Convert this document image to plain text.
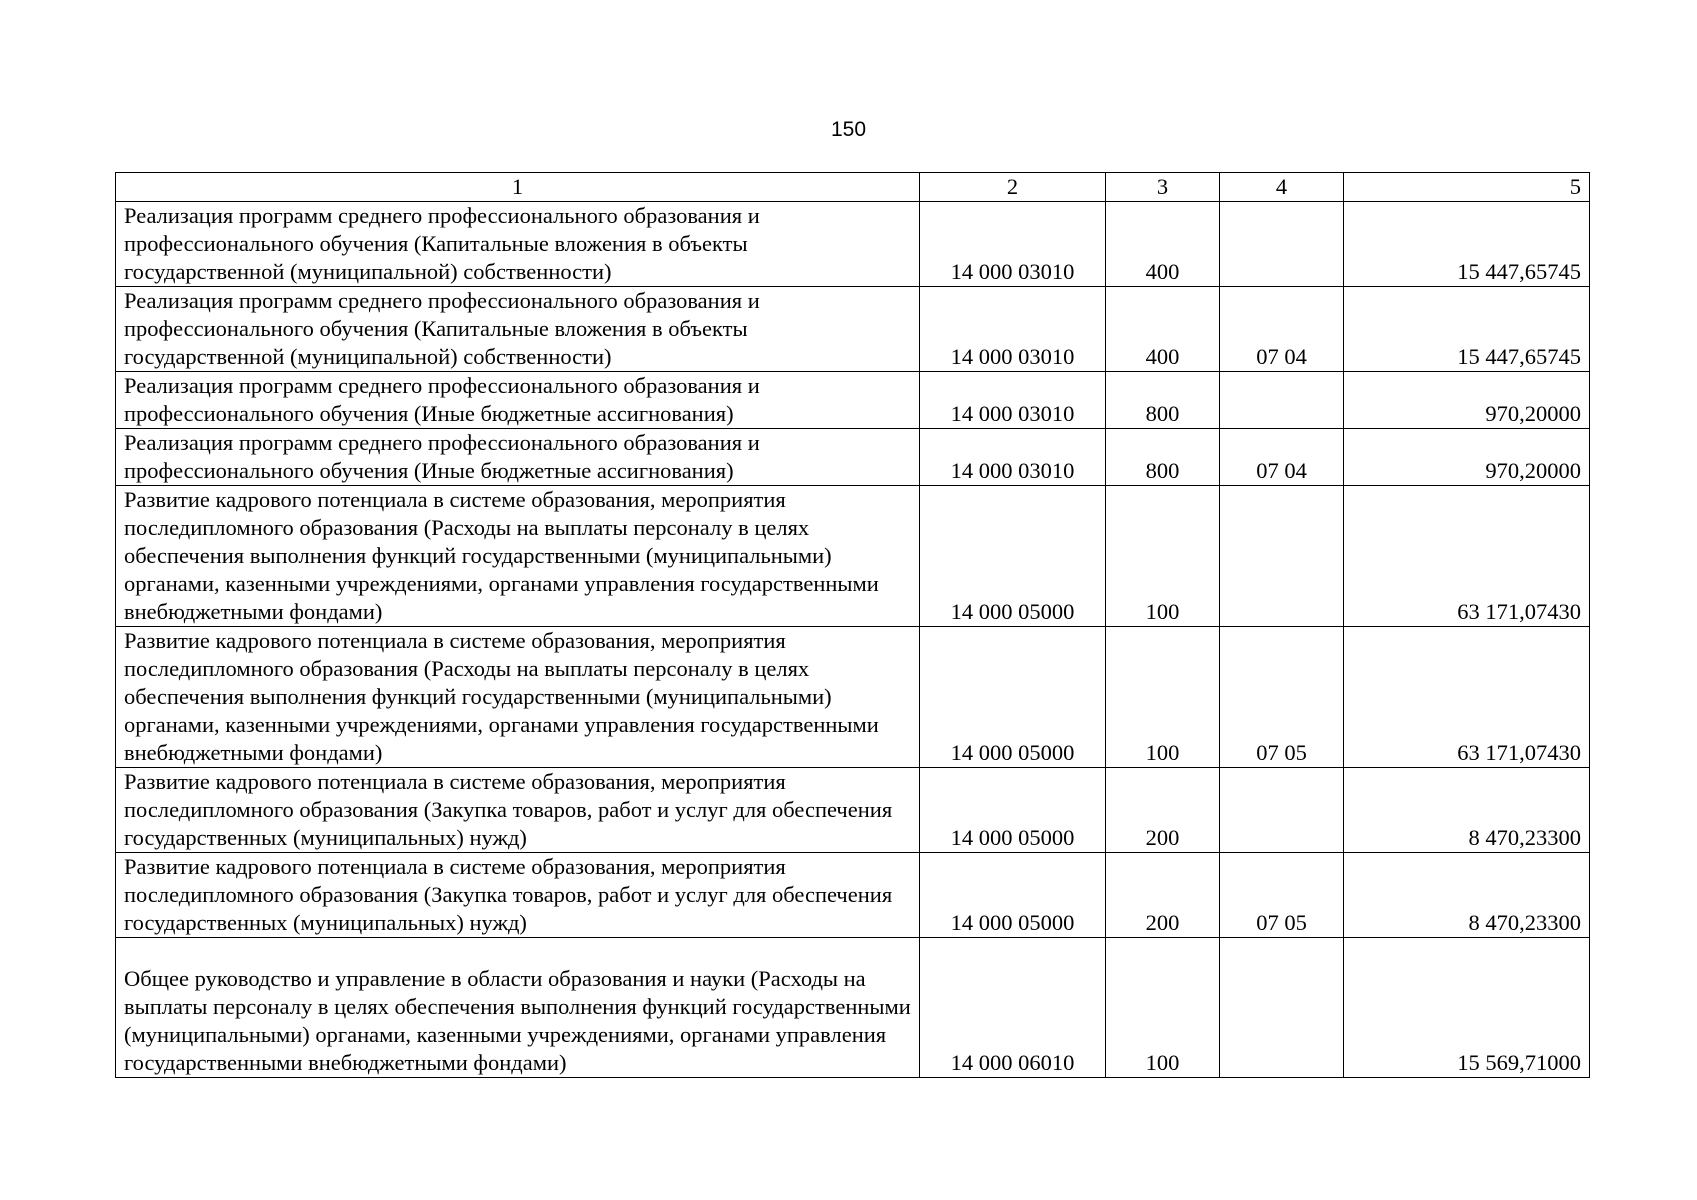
150
1	2	3	4	5
Реализация программ среднего профессионального образования и профессионального обучения (Капитальные вложения в объекты государственной (муниципальной) собственности)	14 000 03010	400		15 447,65745
Реализация программ среднего профессионального образования и профессионального обучения (Капитальные вложения в объекты государственной (муниципальной) собственности)	14 000 03010	400	07 04	15 447,65745
Реализация программ среднего профессионального образования и профессионального обучения (Иные бюджетные ассигнования)	14 000 03010	800		970,20000
Реализация программ среднего профессионального образования и профессионального обучения (Иные бюджетные ассигнования)	14 000 03010	800	07 04	970,20000
Развитие кадрового потенциала в системе образования, мероприятия последипломного образования (Расходы на выплаты персоналу в целях обеспечения выполнения функций государственными (муниципальными) органами, казенными учреждениями, органами управления государственными внебюджетными фондами)	14 000 05000	100		63 171,07430
Развитие кадрового потенциала в системе образования, мероприятия последипломного образования (Расходы на выплаты персоналу в целях обеспечения выполнения функций государственными (муниципальными) органами, казенными учреждениями, органами управления государственными внебюджетными фондами)	14 000 05000	100	07 05	63 171,07430
Развитие кадрового потенциала в системе образования, мероприятия последипломного образования (Закупка товаров, работ и услуг для обеспечения государственных (муниципальных) нужд)	14 000 05000	200		8 470,23300
Развитие кадрового потенциала в системе образования, мероприятия последипломного образования (Закупка товаров, работ и услуг для обеспечения государственных (муниципальных) нужд)	14 000 05000	200	07 05	8 470,23300
Общее руководство и управление в области образования и науки (Расходы на выплаты персоналу в целях обеспечения выполнения функций государственными (муниципальными) органами, казенными учреждениями, органами управления государственными внебюджетными фондами)	14 000 06010	100		15 569,71000
